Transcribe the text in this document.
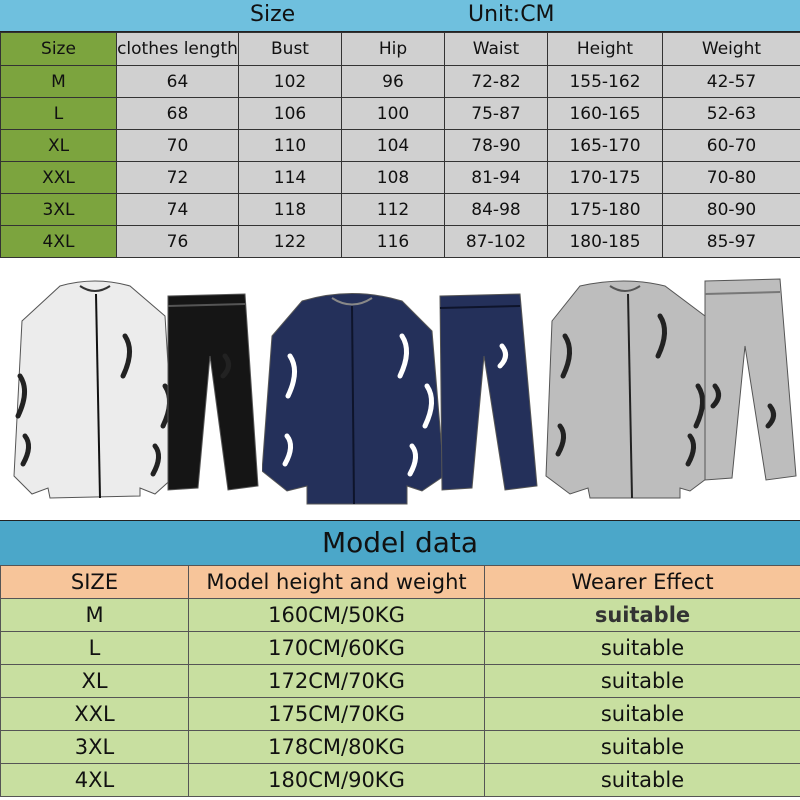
Size	Unit:CM
Size	clothes length	Bust	Hip	Waist	Height	Weight
M	64	102	96	72-82	155-162	42-57
L	68	106	100	75-87	160-165	52-63
XL	70	110	104	78-90	165-170	60-70
XXL	72	114	108	81-94	170-175	70-80
3XL	74	118	112	84-98	175-180	80-90
4XL	76	122	116	87-102	180-185	85-97
Model data
SIZE	Model height and weight	Wearer Effect
M	160CM/50KG	suitable
L	170CM/60KG	suitable
XL	172CM/70KG	suitable
XXL	175CM/70KG	suitable
3XL	178CM/80KG	suitable
4XL	180CM/90KG	suitable
